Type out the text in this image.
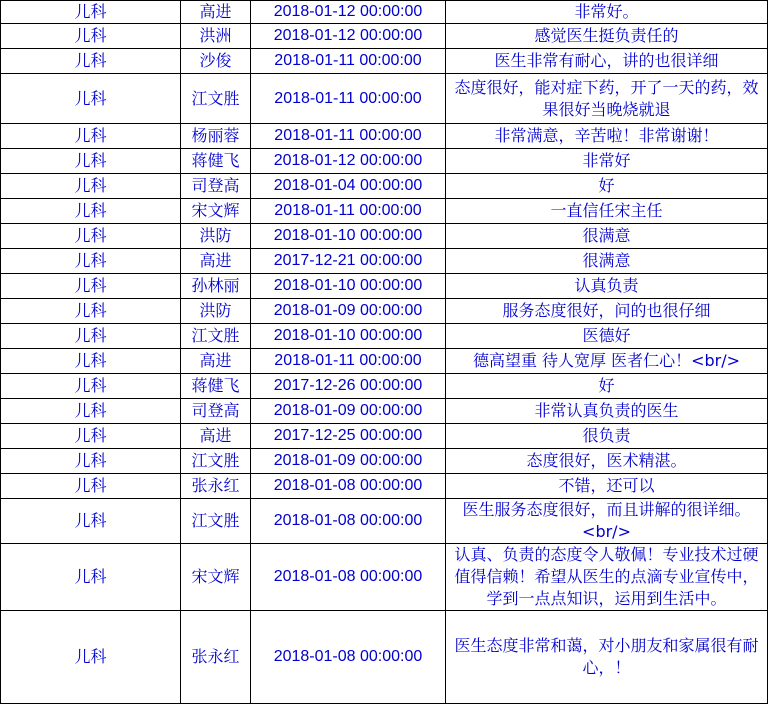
儿科	高进	2018-01-12 00:00:00	非常好。
儿科	洪洲	2018-01-12 00:00:00	感觉医生挺负责任的
儿科	沙俊	2018-01-11 00:00:00	医生非常有耐心，讲的也很详细
儿科	江文胜	2018-01-11 00:00:00	态度很好，能对症下药，开了一天的药，效果很好当晚烧就退
儿科	杨丽蓉	2018-01-11 00:00:00	非常满意，辛苦啦！非常谢谢！
儿科	蒋健飞	2018-01-12 00:00:00	非常好
儿科	司登高	2018-01-04 00:00:00	好
儿科	宋文辉	2018-01-11 00:00:00	一直信任宋主任
儿科	洪防	2018-01-10 00:00:00	很满意
儿科	高进	2017-12-21 00:00:00	很满意
儿科	孙林丽	2018-01-10 00:00:00	认真负责
儿科	洪防	2018-01-09 00:00:00	服务态度很好，问的也很仔细
儿科	江文胜	2018-01-10 00:00:00	医德好
儿科	高进	2018-01-11 00:00:00	德高望重 待人宽厚 医者仁心！<br/>
儿科	蒋健飞	2017-12-26 00:00:00	好
儿科	司登高	2018-01-09 00:00:00	非常认真负责的医生
儿科	高进	2017-12-25 00:00:00	很负责
儿科	江文胜	2018-01-09 00:00:00	态度很好，医术精湛。
儿科	张永红	2018-01-08 00:00:00	不错，还可以
儿科	江文胜	2018-01-08 00:00:00	医生服务态度很好，而且讲解的很详细。<br/>
儿科	宋文辉	2018-01-08 00:00:00	认真、负责的态度令人敬佩！专业技术过硬值得信赖！希望从医生的点滴专业宣传中，学到一点点知识，运用到生活中。
儿科	张永红	2018-01-08 00:00:00	医生态度非常和蔼，对小朋友和家属很有耐心，！
